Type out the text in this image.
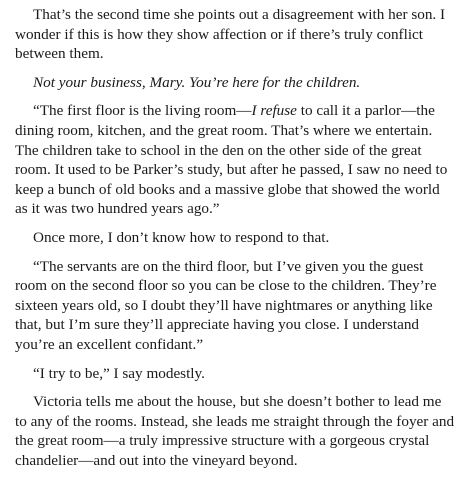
That’s the second time she points out a disagreement with her son. I wonder if this is how they show affection or if there’s truly conflict between them.

Not your business, Mary. You’re here for the children.

“The first floor is the living room—I refuse to call it a parlor—the dining room, kitchen, and the great room. That’s where we entertain. The children take to school in the den on the other side of the great room. It used to be Parker’s study, but after he passed, I saw no need to keep a bunch of old books and a massive globe that showed the world as it was two hundred years ago.”

Once more, I don’t know how to respond to that.

“The servants are on the third floor, but I’ve given you the guest room on the second floor so you can be close to the children. They’re sixteen years old, so I doubt they’ll have nightmares or anything like that, but I’m sure they’ll appreciate having you close. I understand you’re an excellent confidant.”

“I try to be,” I say modestly.

Victoria tells me about the house, but she doesn’t bother to lead me to any of the rooms. Instead, she leads me straight through the foyer and the great room—a truly impressive structure with a gorgeous crystal chandelier—and out into the vineyard beyond.
